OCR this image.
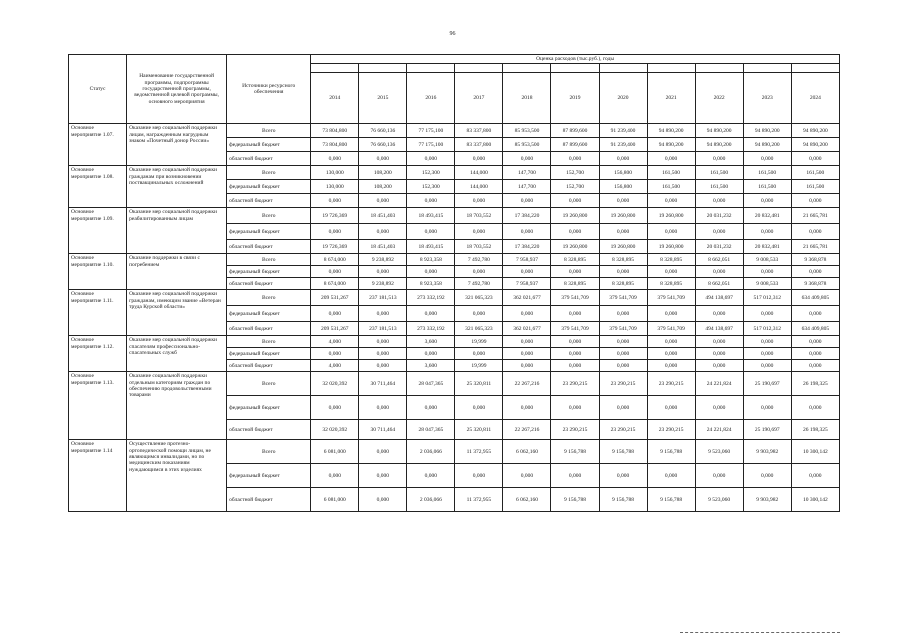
96
Статус	Наименование государственной программы, подпрограммы государственной программы, ведомственной целевой программы, основного мероприятия	Источники ресурсного обеспечения	Оценка расходов (тыс.руб.), годы										

			2014	2015	2016	2017	2018	2019	2020	2021	2022	2023	2024
Основное мероприятие 1.07.	Оказание мер социальной поддержки лицам, награжденным нагрудным знаком «Почетный донор России»	Всего	73 804,800	76 660,136	77 175,100	83 337,800	85 953,500	87 899,600	91 239,400	94 890,200	94 890,200	94 890,200	94 890,200
		федеральный бюджет	73 804,800	76 660,136	77 175,100	83 337,800	85 953,500	87 899,600	91 239,400	94 890,200	94 890,200	94 890,200	94 890,200
		областной бюджет	0,000	0,000	0,000	0,000	0,000	0,000	0,000	0,000	0,000	0,000	0,000
Основное мероприятие 1.08.	Оказание мер социальной поддержки гражданам при возникновении поствакцинальных осложнений	Всего	130,000	108,200	152,300	144,000	147,700	152,700	156,800	161,500	161,500	161,500	161,500
		федеральный бюджет	130,000	108,200	152,300	144,000	147,700	152,700	156,800	161,500	161,500	161,500	161,500
		областной бюджет	0,000	0,000	0,000	0,000	0,000	0,000	0,000	0,000	0,000	0,000	0,000
Основное мероприятие 1.09.	Оказание мер социальной поддержки реабилитированным лицам	Всего	19 726,369	18 451,403	18 493,415	18 703,552	17 384,220	19 260,800	19 260,800	19 260,800	20 031,232	20 832,481	21 665,781
		федеральный бюджет	0,000	0,000	0,000	0,000	0,000	0,000	0,000	0,000	0,000	0,000	0,000
		областной бюджет	19 726,369	18 451,403	18 493,415	18 703,552	17 384,220	19 260,800	19 260,800	19 260,800	20 031,232	20 832,481	21 665,781
Основное мероприятие 1.10.	Оказание поддержки в связи с погребением	Всего	8 674,000	9 238,892	8 923,358	7 492,780	7 958,937	8 328,895	8 328,895	8 328,895	8 662,051	9 008,533	9 368,878
		федеральный бюджет	0,000	0,000	0,000	0,000	0,000	0,000	0,000	0,000	0,000	0,000	0,000
		областной бюджет	8 674,000	9 238,892	8 923,358	7 492,780	7 958,937	8 328,895	8 328,895	8 328,895	8 662,051	9 008,533	9 368,878
Основное мероприятие 1.11.	Оказание мер социальной поддержки гражданам, имеющим звание «Ветеран труда Курской области»	Всего	209 531,267	237 181,513	273 332,192	321 065,323	362 021,677	379 541,709	379 541,709	379 541,709	494 138,697	517 012,312	634 409,805
		федеральный бюджет	0,000	0,000	0,000	0,000	0,000	0,000	0,000	0,000	0,000	0,000	0,000
		областной бюджет	209 531,267	237 181,513	273 332,192	321 065,323	362 021,677	379 541,709	379 541,709	379 541,709	494 138,697	517 012,312	634 409,805
Основное мероприятие 1.12.	Оказание мер социальной поддержки спасателям профессионально-спасательных служб	Всего	4,000	0,000	3,600	19,999	0,000	0,000	0,000	0,000	0,000	0,000	0,000
		федеральный бюджет	0,000	0,000	0,000	0,000	0,000	0,000	0,000	0,000	0,000	0,000	0,000
		областной бюджет	4,000	0,000	3,600	19,999	0,000	0,000	0,000	0,000	0,000	0,000	0,000
Основное мероприятие 1.13.	Оказание социальной поддержки отдельным категориям граждан по обеспечению продовольственными товарами	Всего	32 020,392	30 711,464	28 047,365	25 320,811	22 267,216	23 290,215	23 290,215	23 290,215	24 221,824	25 190,697	26 198,325
		федеральный бюджет	0,000	0,000	0,000	0,000	0,000	0,000	0,000	0,000	0,000	0,000	0,000
		областной бюджет	32 020,392	30 711,464	28 047,365	25 320,811	22 267,216	23 290,215	23 290,215	23 290,215	24 221,824	25 190,697	26 198,325
Основное мероприятие 1.14	Осуществление протезно-ортопедической помощи лицам, не являющимся инвалидами, но по медицинским показаниям нуждающимся в этих изделиях	Всего	6 081,000	0,000	2 036,066	11 372,955	6 062,160	9 156,788	9 156,788	9 156,788	9 523,060	9 903,982	10 300,142
		федеральный бюджет	0,000	0,000	0,000	0,000	0,000	0,000	0,000	0,000	0,000	0,000	0,000
		областной бюджет	6 081,000	0,000	2 036,066	11 372,955	6 062,160	9 156,788	9 156,788	9 156,788	9 523,060	9 903,982	10 300,142
